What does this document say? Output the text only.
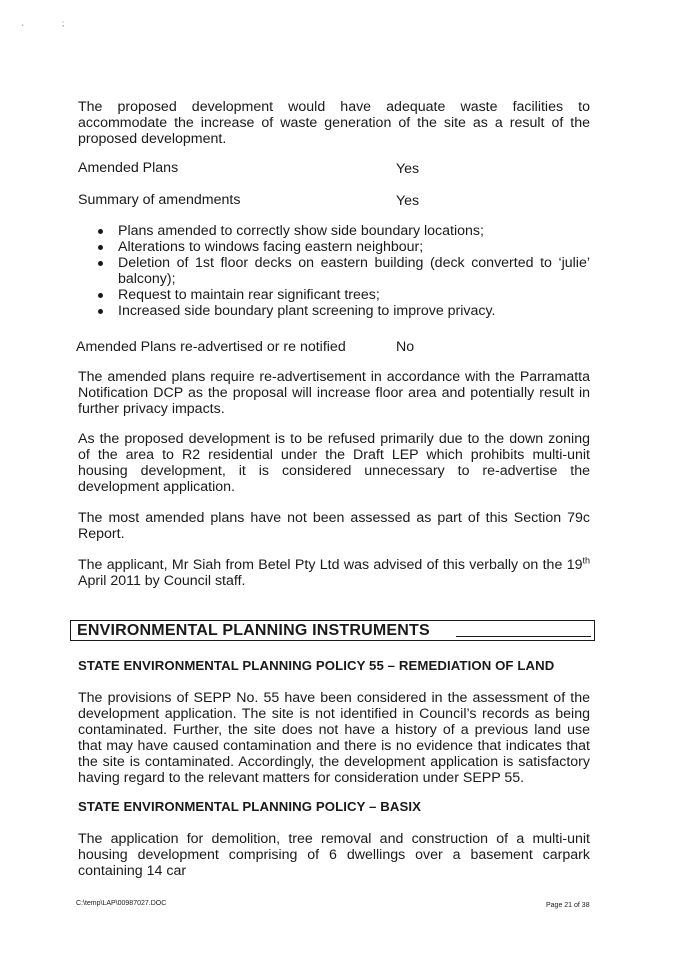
ʻ	;

The proposed development would have adequate waste facilities to accommodate the increase of waste generation of the site as a result of the proposed development.

Amended Plans	Yes
Summary of amendments	Yes
Plans amended to correctly show side boundary locations;
Alterations to windows facing eastern neighbour;
Deletion of 1st floor decks on eastern building (deck converted to ‘julie’ balcony);
Request to maintain rear significant trees;
Increased side boundary plant screening to improve privacy.
Amended Plans re-advertised or re notified	No

The amended plans require re-advertisement in accordance with the Parramatta Notification DCP as the proposal will increase floor area and potentially result in further privacy impacts.

As the proposed development is to be refused primarily due to the down zoning of the area to R2 residential under the Draft LEP which prohibits multi-unit housing development, it is considered unnecessary to re-advertise the development application.

The most amended plans have not been assessed as part of this Section 79c Report.

The applicant, Mr Siah from Betel Pty Ltd was advised of this verbally on the 19th April 2011 by Council staff.

ENVIRONMENTAL PLANNING INSTRUMENTS
STATE ENVIRONMENTAL PLANNING POLICY 55 – REMEDIATION OF LAND

The provisions of SEPP No. 55 have been considered in the assessment of the development application. The site is not identified in Council’s records as being contaminated. Further, the site does not have a history of a previous land use that may have caused contamination and there is no evidence that indicates that the site is contaminated. Accordingly, the development application is satisfactory having regard to the relevant matters for consideration under SEPP 55.

STATE ENVIRONMENTAL PLANNING POLICY – BASIX

The application for demolition, tree removal and construction of a multi-unit housing development comprising of 6 dwellings over a basement carpark containing 14 car

C:\temp\LAP\00987027.DOC	Page 21 of 38
